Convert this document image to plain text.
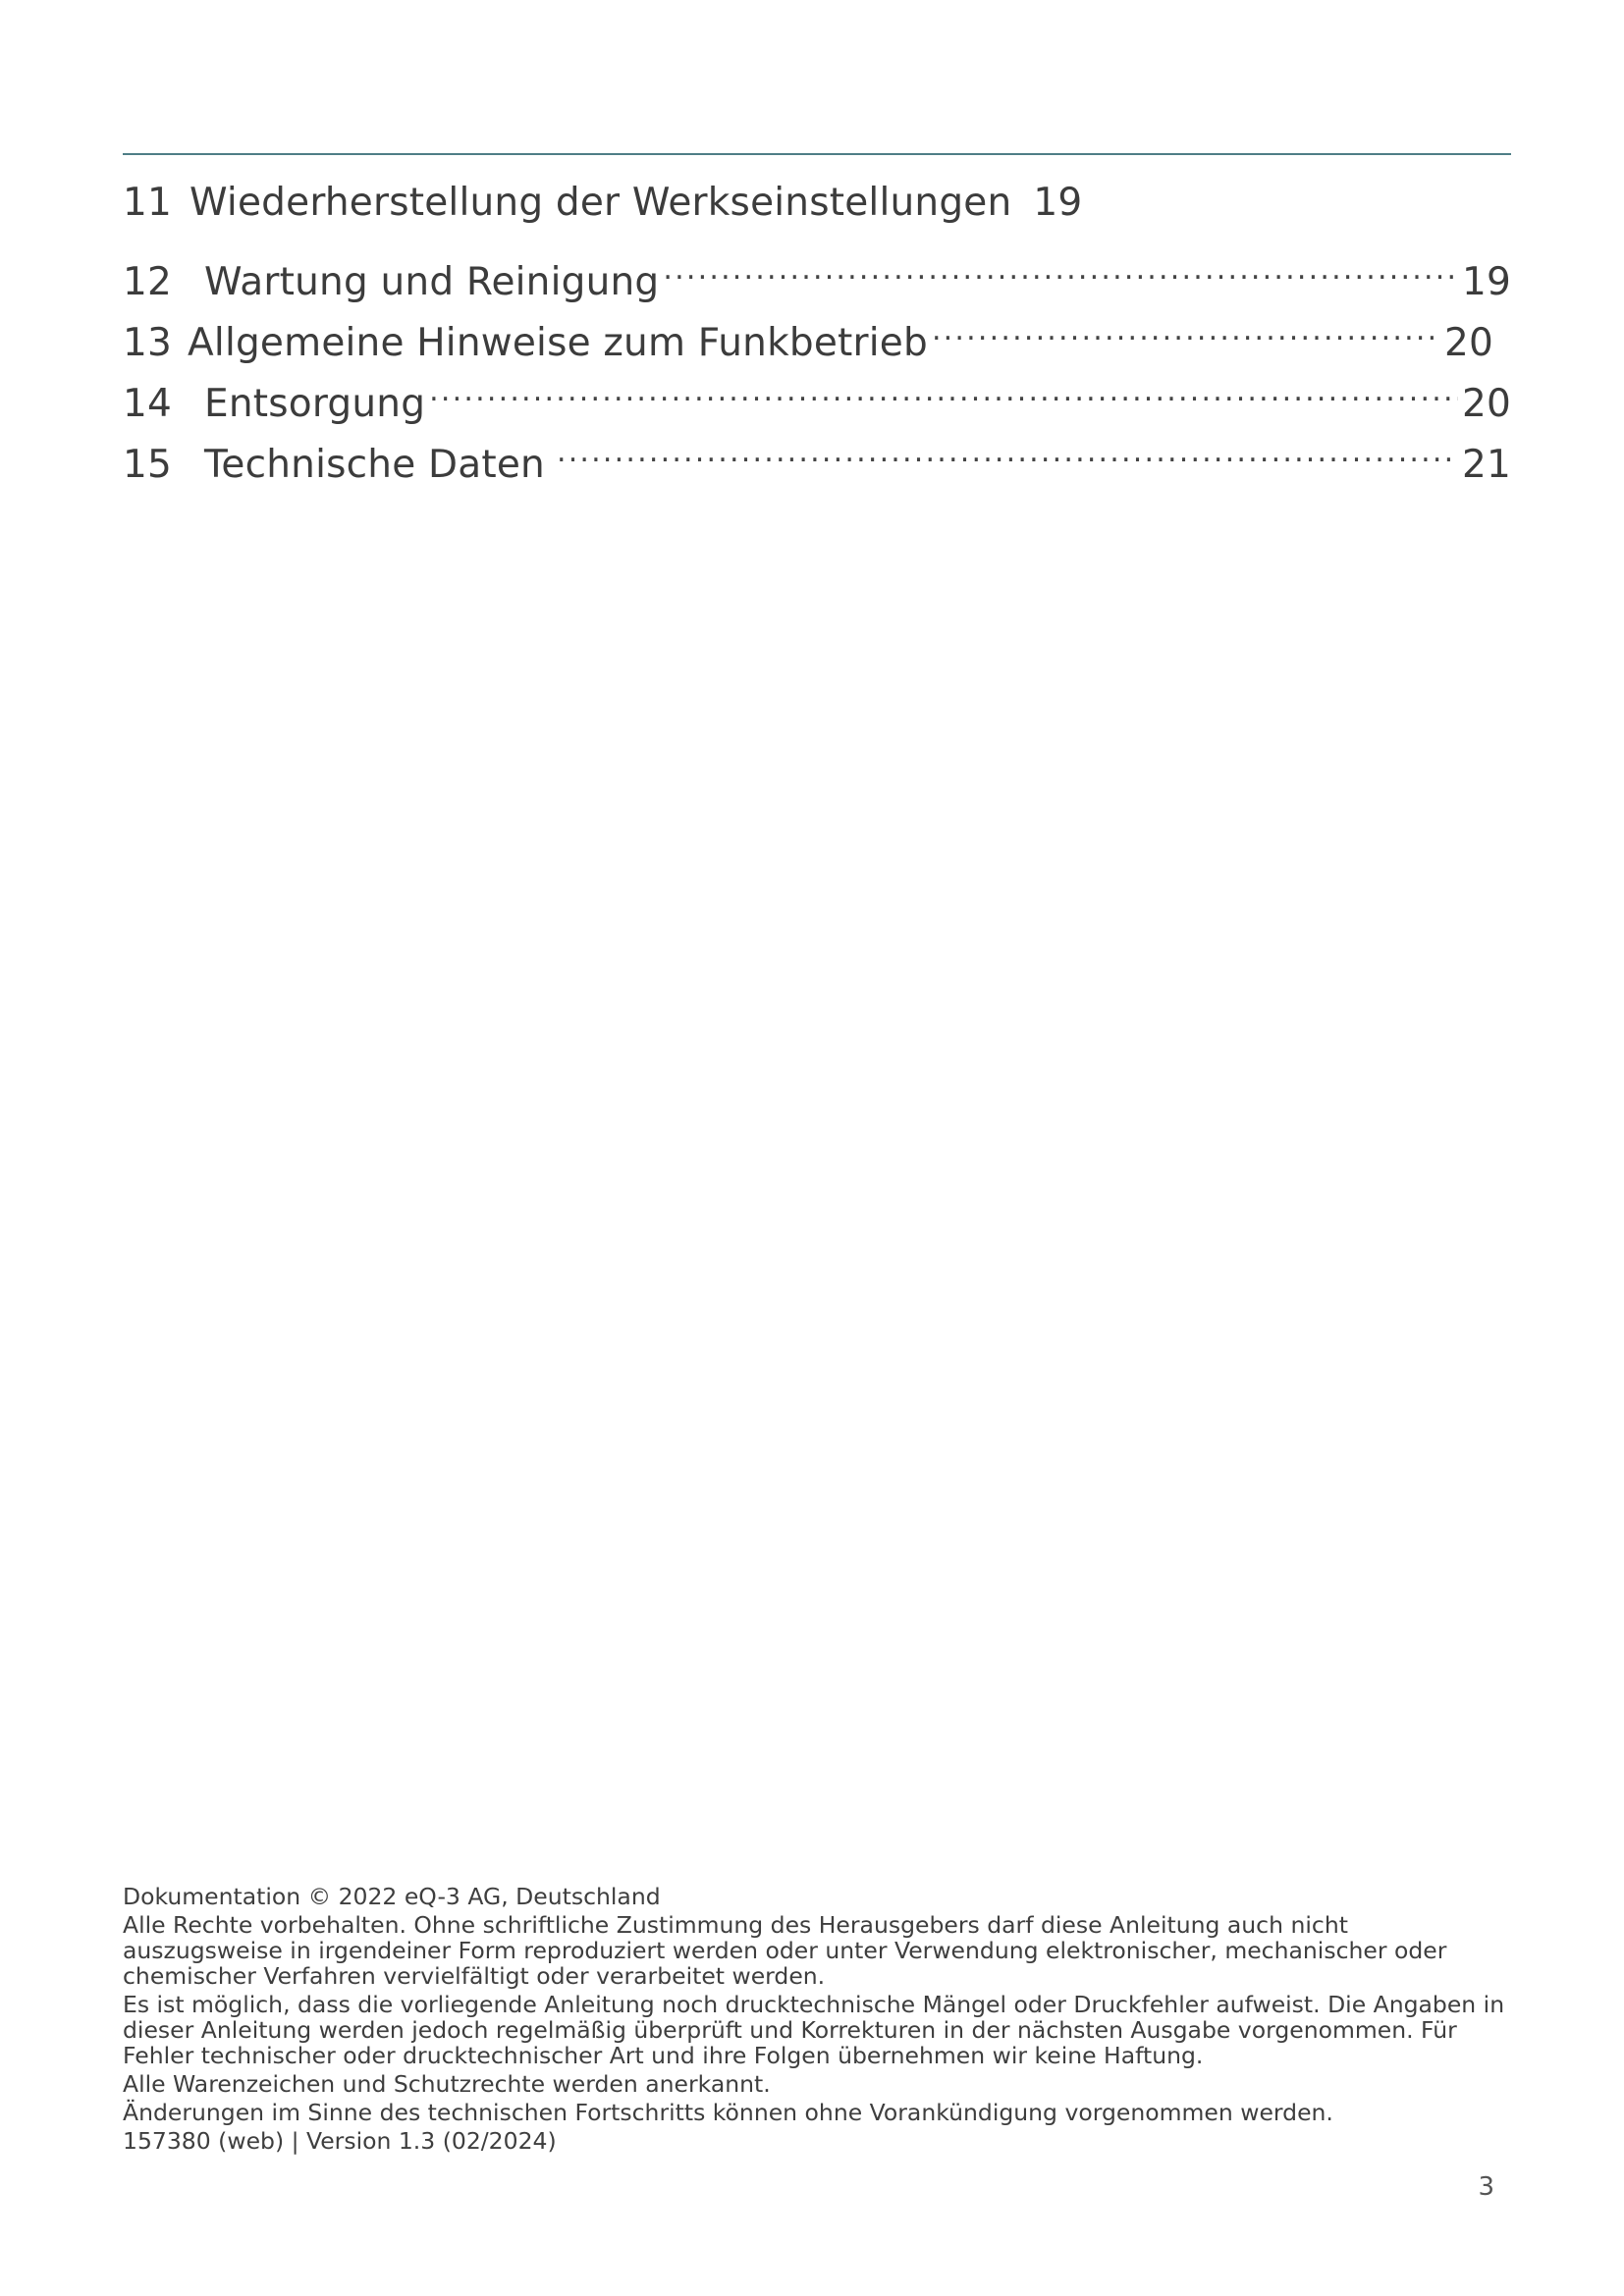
11 Wiederherstellung der Werkseinstellungen 19
12 Wartung und Reinigung .....	19
13 Allgemeine Hinweise zum Funkbetrieb .....	20
14 Entsorgung .....	20
15 Technische Daten .....	21

Dokumentation © 2022 eQ-3 AG, Deutschland

Alle Rechte vorbehalten. Ohne schriftliche Zustimmung des Herausgebers darf diese Anleitung auch nicht auszugsweise in irgendeiner Form reproduziert werden oder unter Verwendung elektronischer, mechanischer oder chemischer Verfahren vervielfältigt oder verarbeitet werden.

Es ist möglich, dass die vorliegende Anleitung noch drucktechnische Mängel oder Druckfehler aufweist. Die Angaben in dieser Anleitung werden jedoch regelmäßig überprüft und Korrekturen in der nächsten Ausgabe vorgenommen. Für Fehler technischer oder drucktechnischer Art und ihre Folgen übernehmen wir keine Haftung.

Alle Warenzeichen und Schutzrechte werden anerkannt.

Änderungen im Sinne des technischen Fortschritts können ohne Vorankündigung vorgenommen werden.

157380 (web) | Version 1.3 (02/2024)

3
